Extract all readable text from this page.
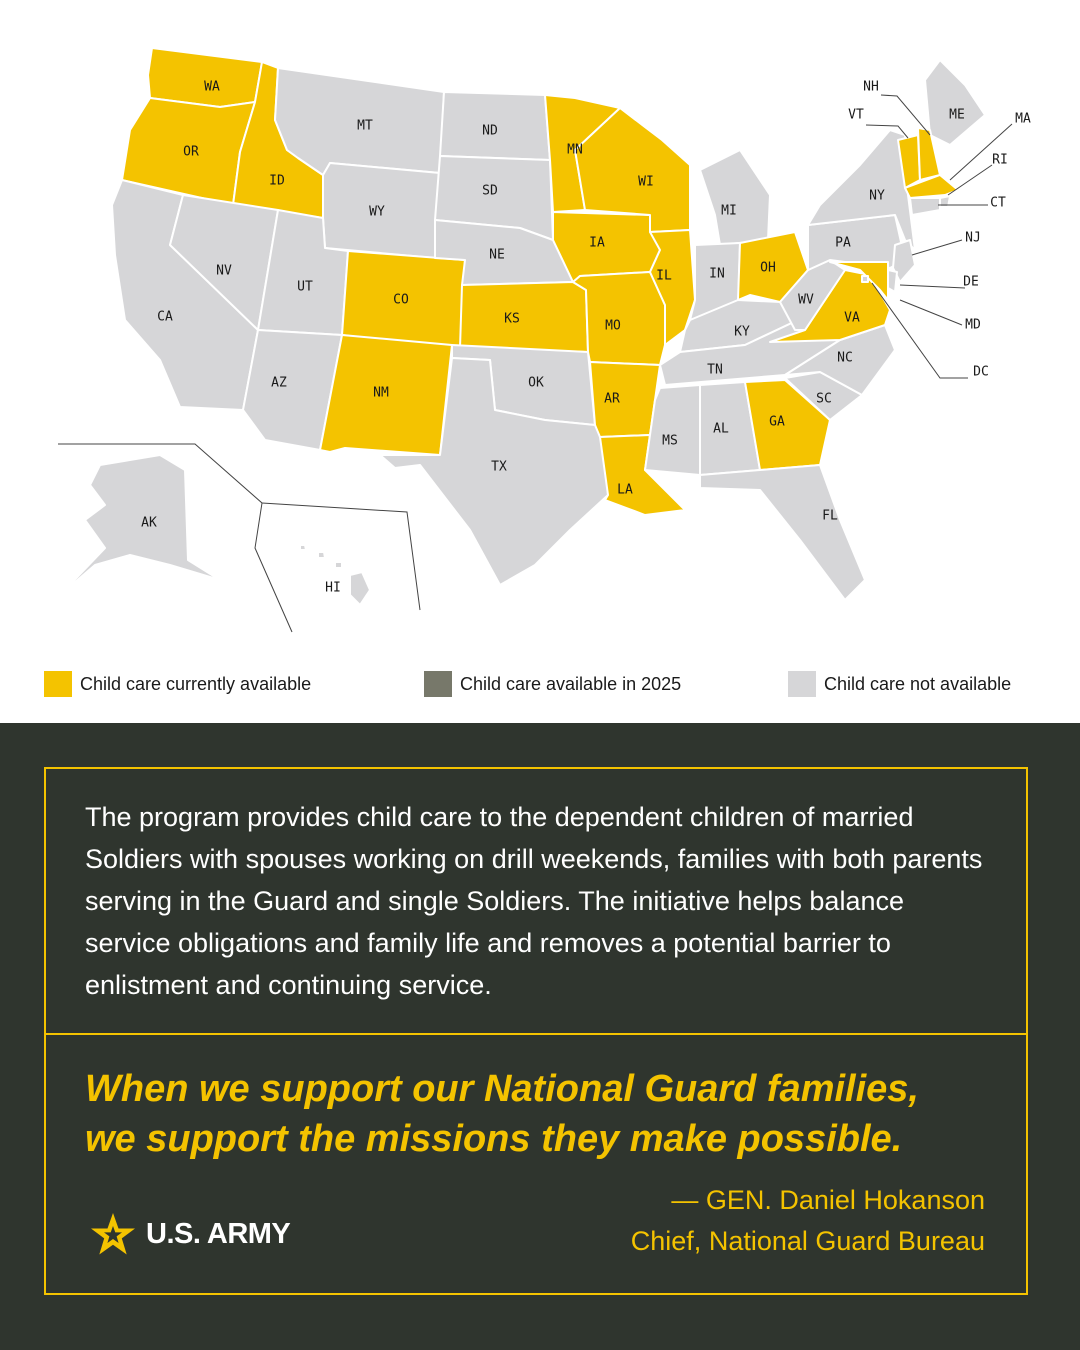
WA
OR
ID
MT
WY
CA
NV
UT
AZ
CO
NM
ND
SD
NE
KS
OK
TX
MN
IA
MO
AR
LA
WI
IL
MI
IN	OH
KY
TN
MS
AL	GA
FL
SC
NC
VA
WV
PA
NY
ME
VT
NH
MA
RI
CT
NJ
DE
MD
DC
AK
HI
Child care currently available	Child care available in 2025	Child care not available

The program provides child care to the dependent children of married Soldiers with spouses working on drill weekends, families with both parents serving in the Guard and single Soldiers. The initiative helps balance service obligations and family life and removes a potential barrier to enlistment and continuing service.

When we support our National Guard families,
we support the missions they make possible.

— GEN. Daniel Hokanson
Chief, National Guard Bureau
U.S. ARMY
